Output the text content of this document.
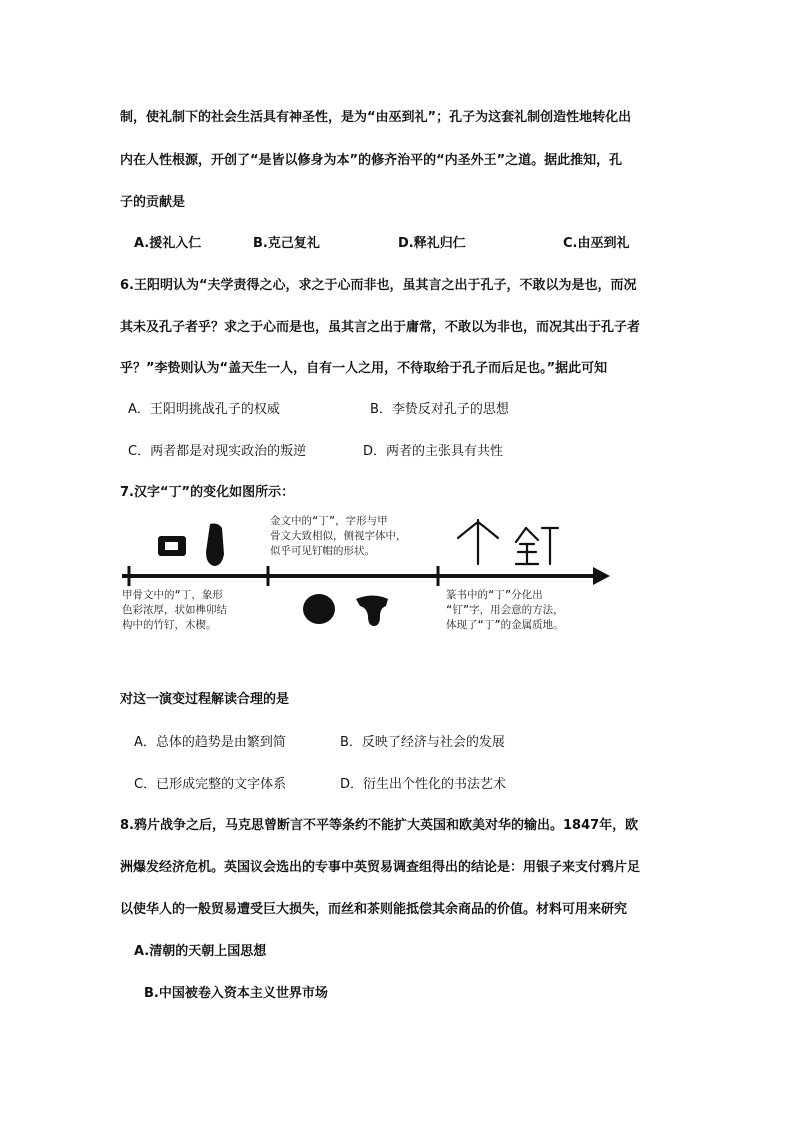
制，使礼制下的社会生活具有神圣性，是为“由巫到礼”；孔子为这套礼制创造性地转化出
内在人性根源，开创了“是皆以修身为本”的修齐治平的“内圣外王”之道。据此推知，孔
子的贡献是
A.援礼入仁	B.克己复礼	D.释礼归仁	C.由巫到礼
6.王阳明认为“夫学责得之心，求之于心而非也，虽其言之出于孔子，不敢以为是也，而况
其未及孔子者乎？求之于心而是也，虽其言之出于庸常，不敢以为非也，而况其出于孔子者
乎？”李贽则认为“盖天生一人，自有一人之用，不待取给于孔子而后足也。”据此可知
A．王阳明挑战孔子的权威	B．李贽反对孔子的思想
C．两者都是对现实政治的叛逆	D．两者的主张具有共性
7.汉字“丁”的变化如图所示：
甲骨文中的“丁，象形
色彩浓厚，状如榫卯结
构中的竹钉，木楔。
金文中的“丁”，字形与甲
骨文大致相似，侧视字体中，
似乎可见钉帽的形状。
篆书中的“丁”分化出
“钉”字，用会意的方法，
体现了“丁”的金属质地。
对这一演变过程解读合理的是
A．总体的趋势是由繁到简	B．反映了经济与社会的发展
C．已形成完整的文字体系	D．衍生出个性化的书法艺术
8.鸦片战争之后，马克思曾断言不平等条约不能扩大英国和欧美对华的输出。1847年，欧
洲爆发经济危机。英国议会选出的专事中英贸易调查组得出的结论是：用银子来支付鸦片足
以使华人的一般贸易遭受巨大损失，而丝和茶则能抵偿其余商品的价值。材料可用来研究
A.清朝的天朝上国思想
B.中国被卷入资本主义世界市场
